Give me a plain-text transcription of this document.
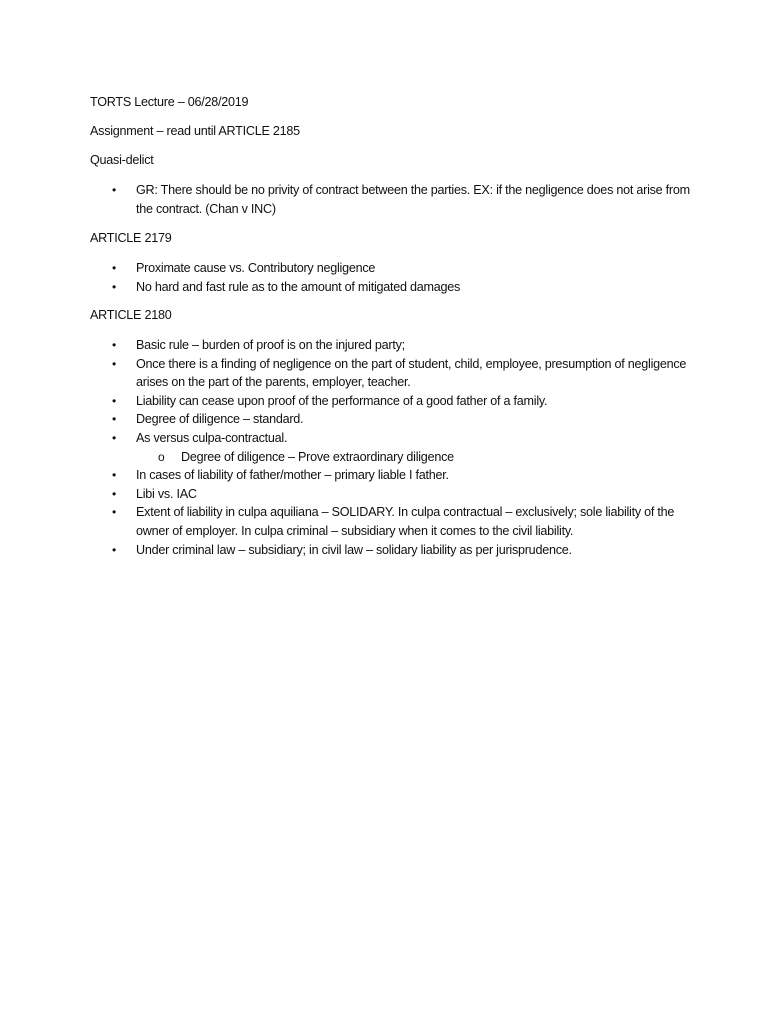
TORTS Lecture – 06/28/2019

Assignment – read until ARTICLE 2185

Quasi-delict

• GR: There should be no privity of contract between the parties. EX: if the negligence does not arise from the contract. (Chan v INC)

ARTICLE 2179

• Proximate cause vs. Contributory negligence
• No hard and fast rule as to the amount of mitigated damages

ARTICLE 2180

• Basic rule – burden of proof is on the injured party;
• Once there is a finding of negligence on the part of student, child, employee, presumption of negligence arises on the part of the parents, employer, teacher.
• Liability can cease upon proof of the performance of a good father of a family.
• Degree of diligence – standard.
• As versus culpa-contractual.
o Degree of diligence – Prove extraordinary diligence
• In cases of liability of father/mother – primary liable I father.
• Libi vs. IAC
• Extent of liability in culpa aquiliana – SOLIDARY. In culpa contractual – exclusively; sole liability of the owner of employer. In culpa criminal – subsidiary when it comes to the civil liability.
• Under criminal law – subsidiary; in civil law – solidary liability as per jurisprudence.
